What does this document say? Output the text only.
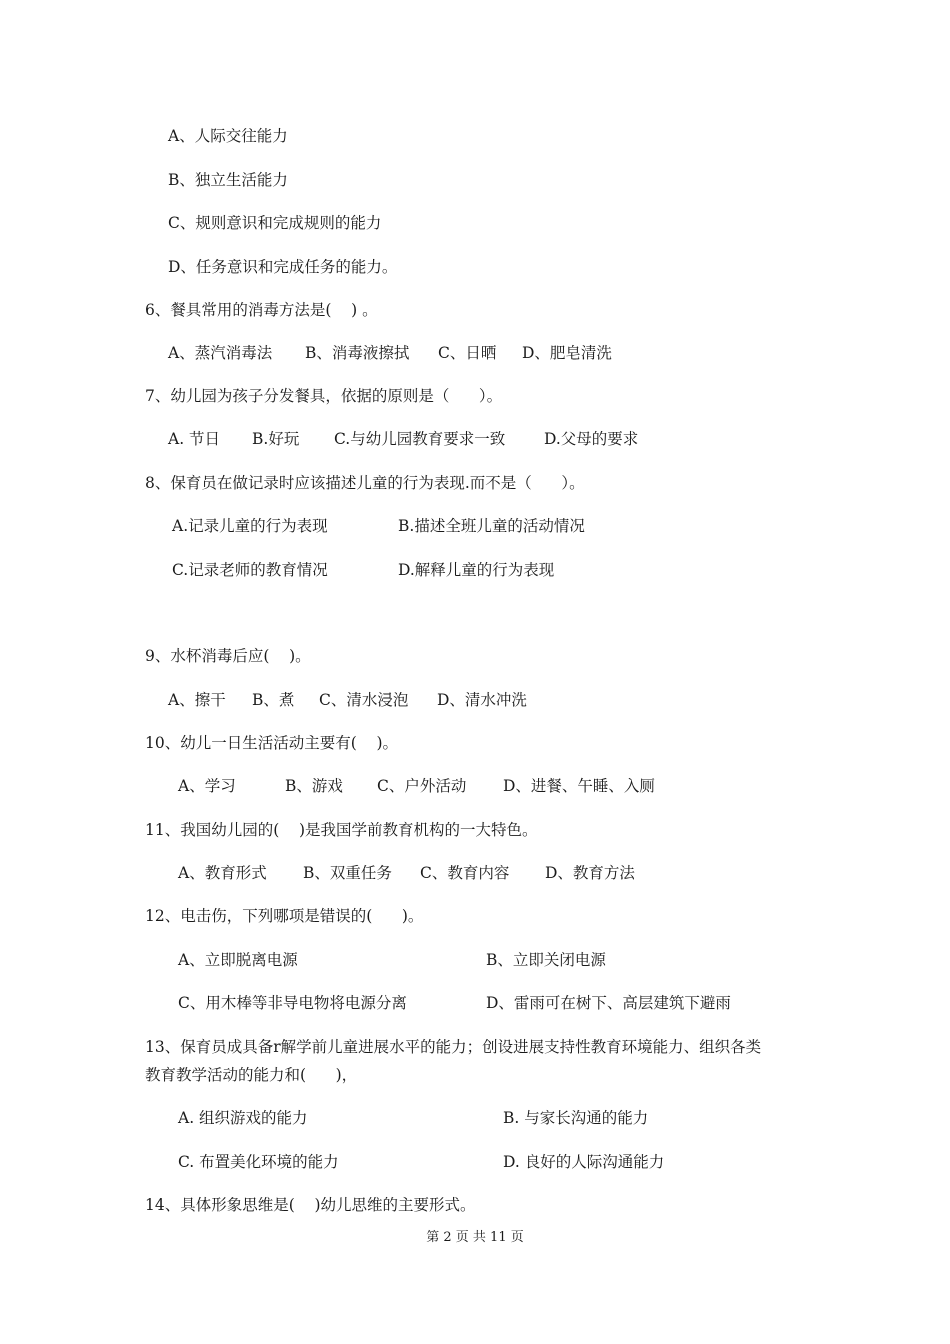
A、人际交往能力
B、独立生活能力
C、规则意识和完成规则的能力
D、任务意识和完成任务的能力。
6、餐具常用的消毒方法是(    ) 。
A、蒸汽消毒法 B、消毒液擦拭 C、日晒 D、肥皂清洗
7、幼儿园为孩子分发餐具，依据的原则是（      ）。
A. 节日 B.好玩 C.与幼儿园教育要求一致	D.父母的要求
8、保育员在做记录时应该描述儿童的行为表现.而不是（      ）。
A.记录儿童的行为表现	B.描述全班儿童的活动情况
C.记录老师的教育情况	D.解释儿童的行为表现
9、水杯消毒后应(    )。
A、擦干 B、煮 C、清水浸泡 D、清水冲洗
10、幼儿一日生活活动主要有(    )。
A、学习	B、游戏 C、户外活动 D、进餐、午睡、入厕
11、我国幼儿园的(    )是我国学前教育机构的一大特色。
A、教育形式 B、双重任务 C、教育内容 D、教育方法
12、电击伤，下列哪项是错误的(      )。
A、立即脱离电源	B、立即关闭电源
C、用木棒等非导电物将电源分离	D、雷雨可在树下、高层建筑下避雨
13、保育员成具备r解学前儿童进展水平的能力；创设进展支持性教育环境能力、组织各类
教育教学活动的能力和(      )，
A. 组织游戏的能力	B. 与家长沟通的能力
C. 布置美化环境的能力	D. 良好的人际沟通能力
14、具体形象思维是(    )幼儿思维的主要形式。
第 2 页 共 11 页
